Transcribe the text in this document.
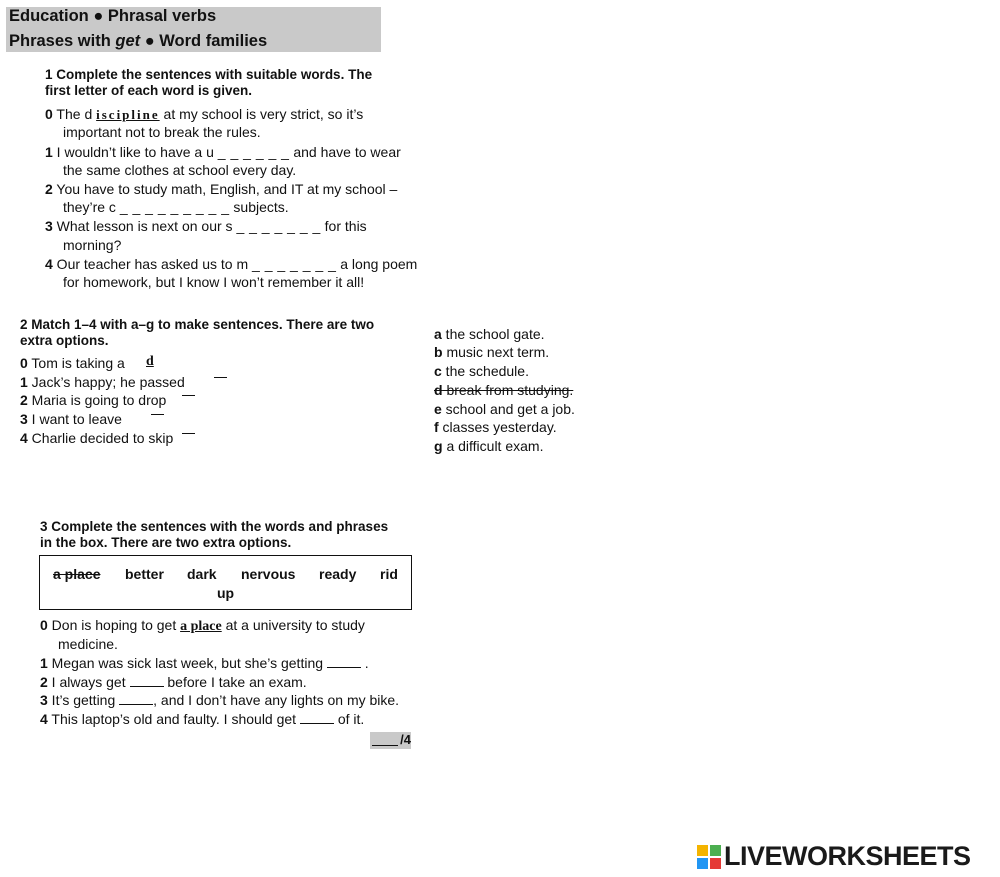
Education ● Phrasal verbs
Phrases with get ● Word families
1 Complete the sentences with suitable words. The
first letter of each word is given.
0 The d iscipline at my school is very strict, so it’s
important not to break the rules.
1 I wouldn’t like to have a u _ _ _ _ _ _ and have to wear
the same clothes at school every day.
2 You have to study math, English, and IT at my school –
they’re c _ _ _ _ _ _ _ _ _ subjects.
3 What lesson is next on our s _ _ _ _ _ _ _ for this
morning?
4 Our teacher has asked us to m _ _ _ _ _ _ _ a long poem
for homework, but I know I won’t remember it all!
2 Match 1–4 with a–g to make sentences. There are two
extra options.
0 Tom is taking a d
1 Jack’s happy; he passed
2 Maria is going to drop
3 I want to leave
4 Charlie decided to skip
a the school gate.
b music next term.
c the schedule.
d break from studying.
e school and get a job.
f classes yesterday.
g a difficult exam.
3 Complete the sentences with the words and phrases
in the box. There are two extra options.
a place better dark nervous ready rid
up
0 Don is hoping to get a place at a university to study
medicine.
1 Megan was sick last week, but she’s getting	.
2 I always get  before I take an exam.
3 It’s getting , and I don’t have any lights on my bike.
4 This laptop’s old and faulty. I should get  of it.
/4
LIVEWORKSHEETS
